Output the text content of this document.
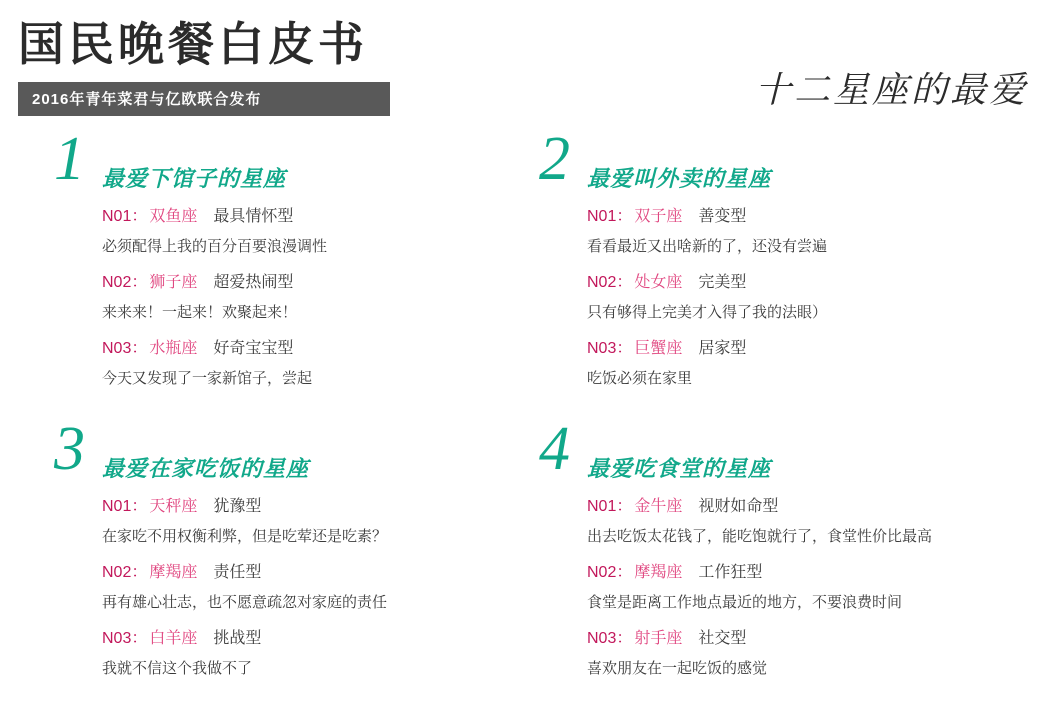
国民晚餐白皮书
2016年青年菜君与亿欧联合发布	十二星座的最爱
1 最爱下馆子的星座
N01： 双鱼座 最具情怀型
必须配得上我的百分百要浪漫调性
N02： 狮子座 超爱热闹型
来来来！一起来！欢聚起来！
N03： 水瓶座 好奇宝宝型
今天又发现了一家新馆子，尝起
2 最爱叫外卖的星座
N01： 双子座 善变型
看看最近又出啥新的了，还没有尝遍
N02： 处女座 完美型
只有够得上完美才入得了我的法眼）
N03： 巨蟹座 居家型
吃饭必须在家里
3 最爱在家吃饭的星座
N01： 天秤座 犹豫型
在家吃不用权衡利弊，但是吃荤还是吃素？
N02： 摩羯座 责任型
再有雄心壮志，也不愿意疏忽对家庭的责任
N03： 白羊座 挑战型
我就不信这个我做不了
4 最爱吃食堂的星座
N01： 金牛座 视财如命型
出去吃饭太花钱了，能吃饱就行了，食堂性价比最高
N02： 摩羯座 工作狂型
食堂是距离工作地点最近的地方，不要浪费时间
N03： 射手座 社交型
喜欢朋友在一起吃饭的感觉
